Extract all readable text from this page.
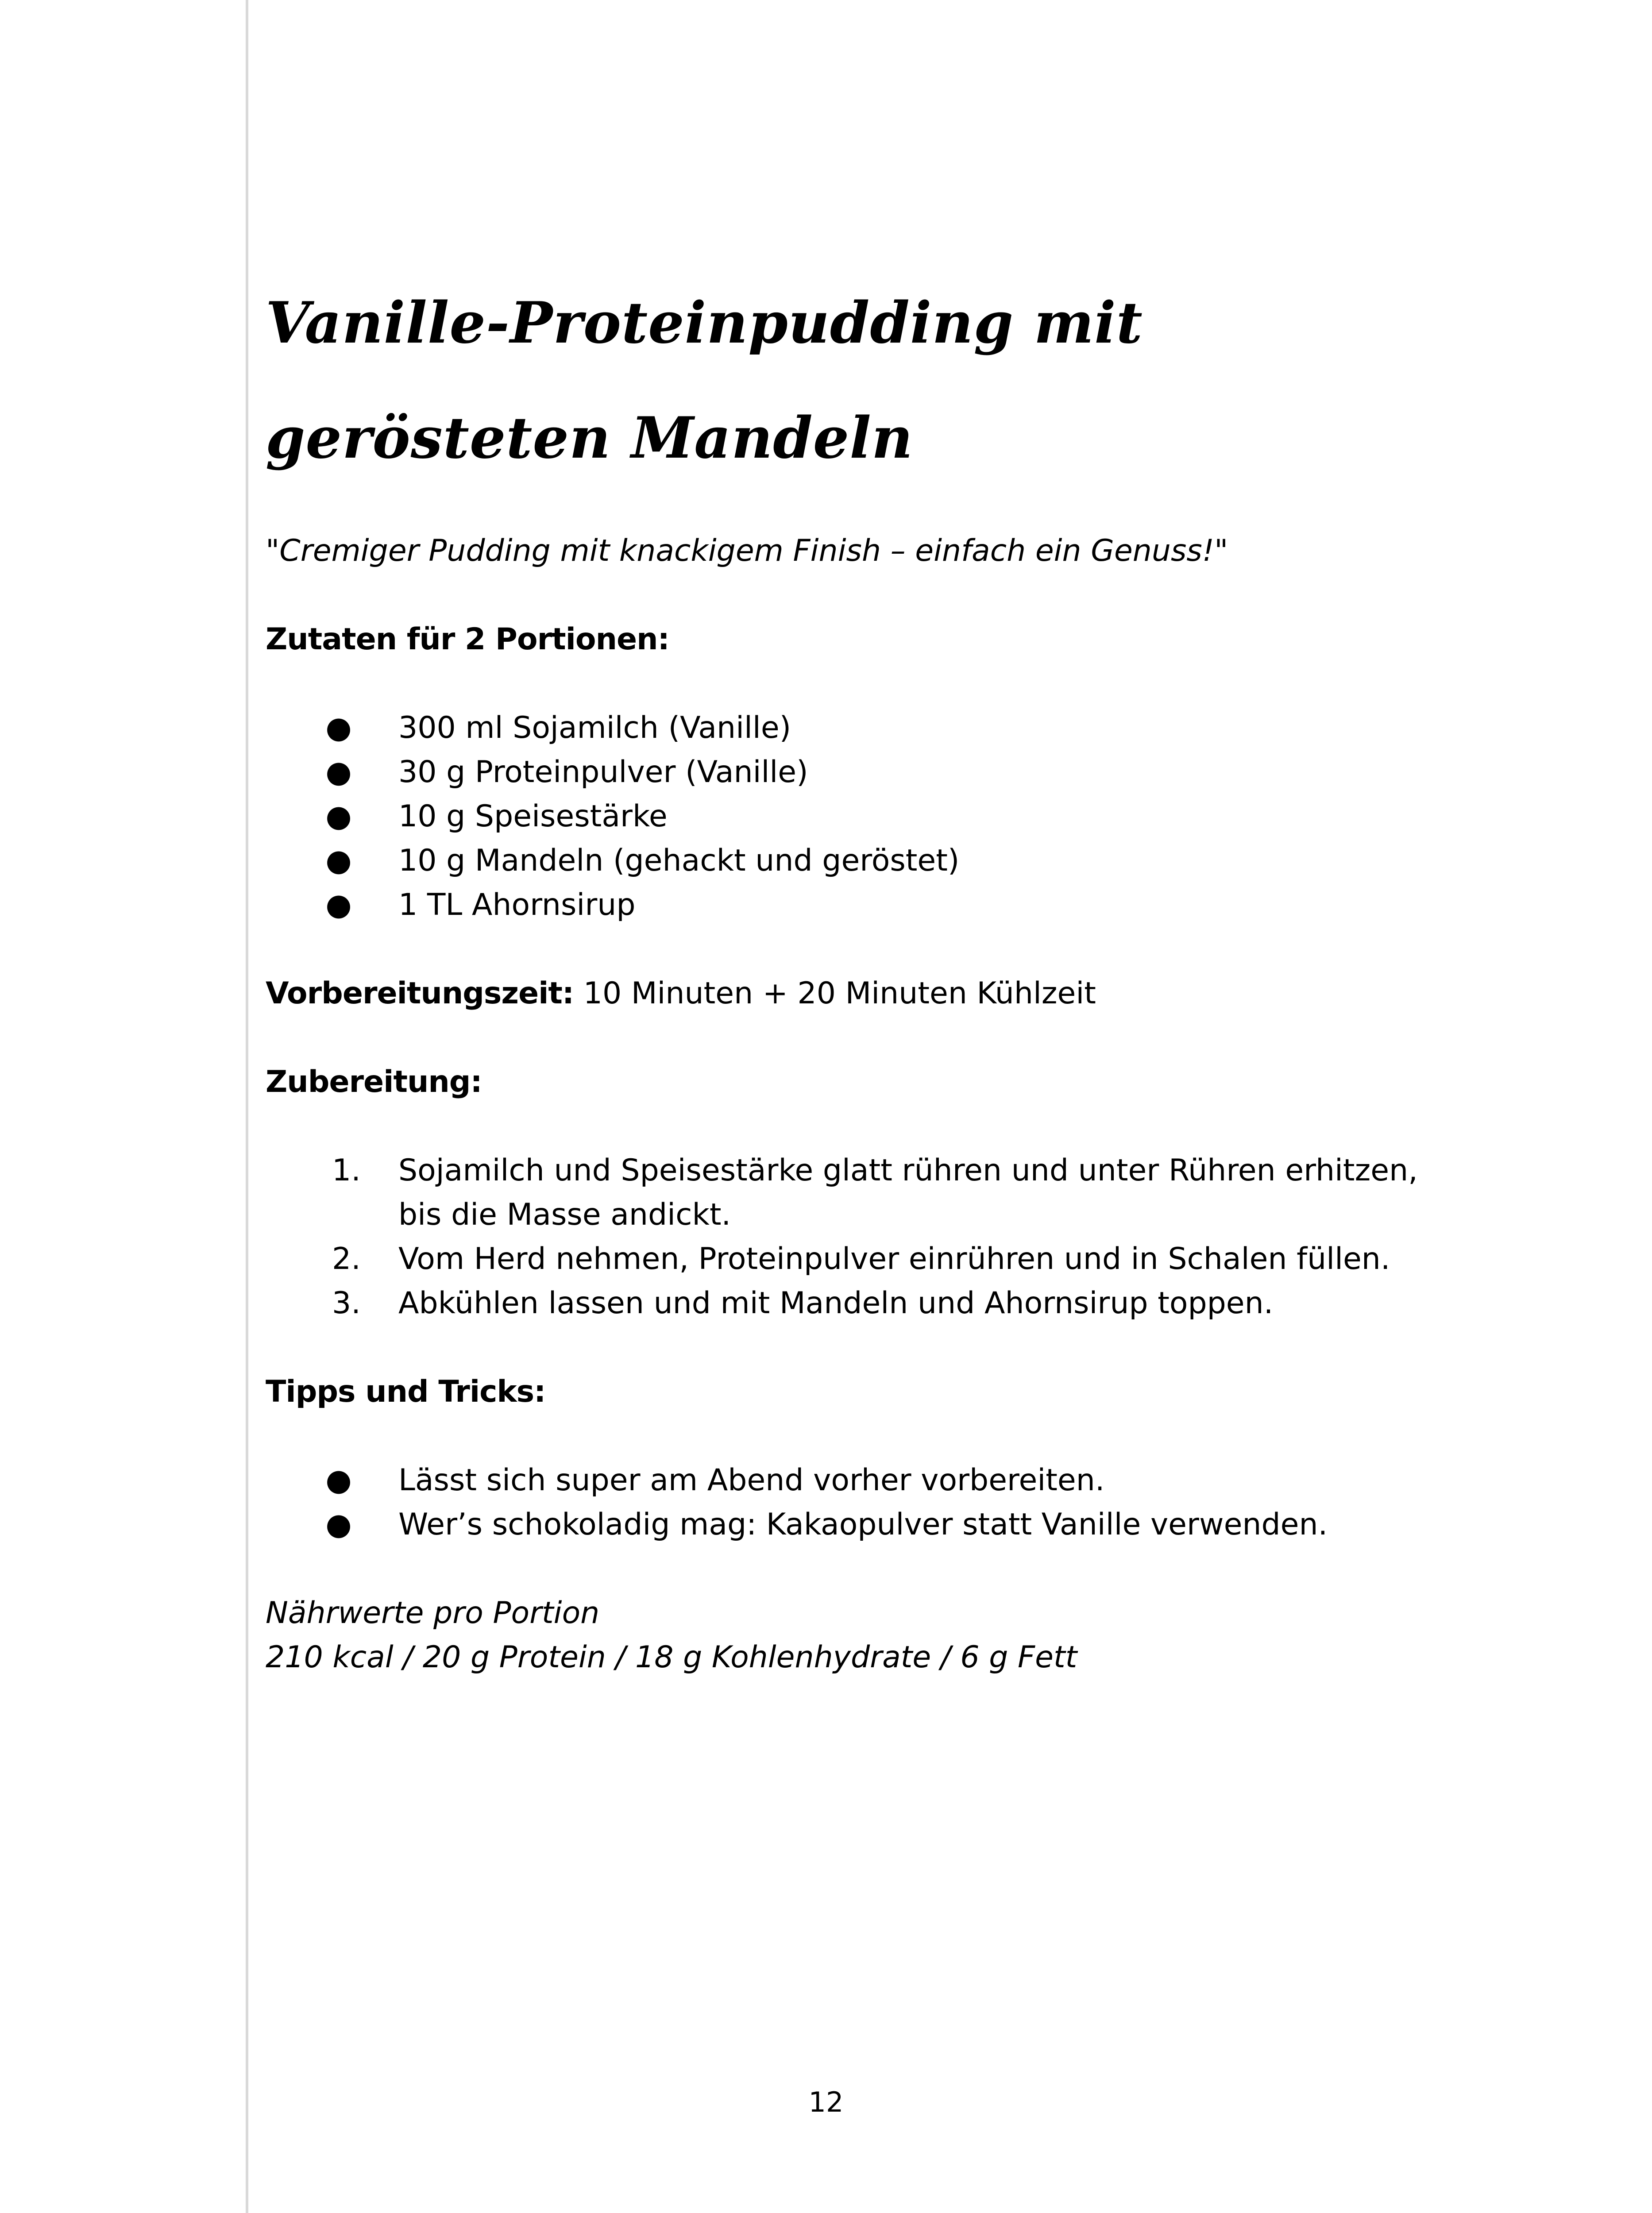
Vanille-Proteinpudding mit gerösteten Mandeln

"Cremiger Pudding mit knackigem Finish – einfach ein Genuss!"

Zutaten für 2 Portionen:

● 300 ml Sojamilch (Vanille)
● 30 g Proteinpulver (Vanille)
● 10 g Speisestärke
● 10 g Mandeln (gehackt und geröstet)
● 1 TL Ahornsirup

Vorbereitungszeit: 10 Minuten + 20 Minuten Kühlzeit

Zubereitung:

1. Sojamilch und Speisestärke glatt rühren und unter Rühren erhitzen, bis die Masse andickt.
2. Vom Herd nehmen, Proteinpulver einrühren und in Schalen füllen.
3. Abkühlen lassen und mit Mandeln und Ahornsirup toppen.

Tipps und Tricks:

● Lässt sich super am Abend vorher vorbereiten.
● Wer’s schokoladig mag: Kakaopulver statt Vanille verwenden.
Nährwerte pro Portion
210 kcal / 20 g Protein / 18 g Kohlenhydrate / 6 g Fett
12
